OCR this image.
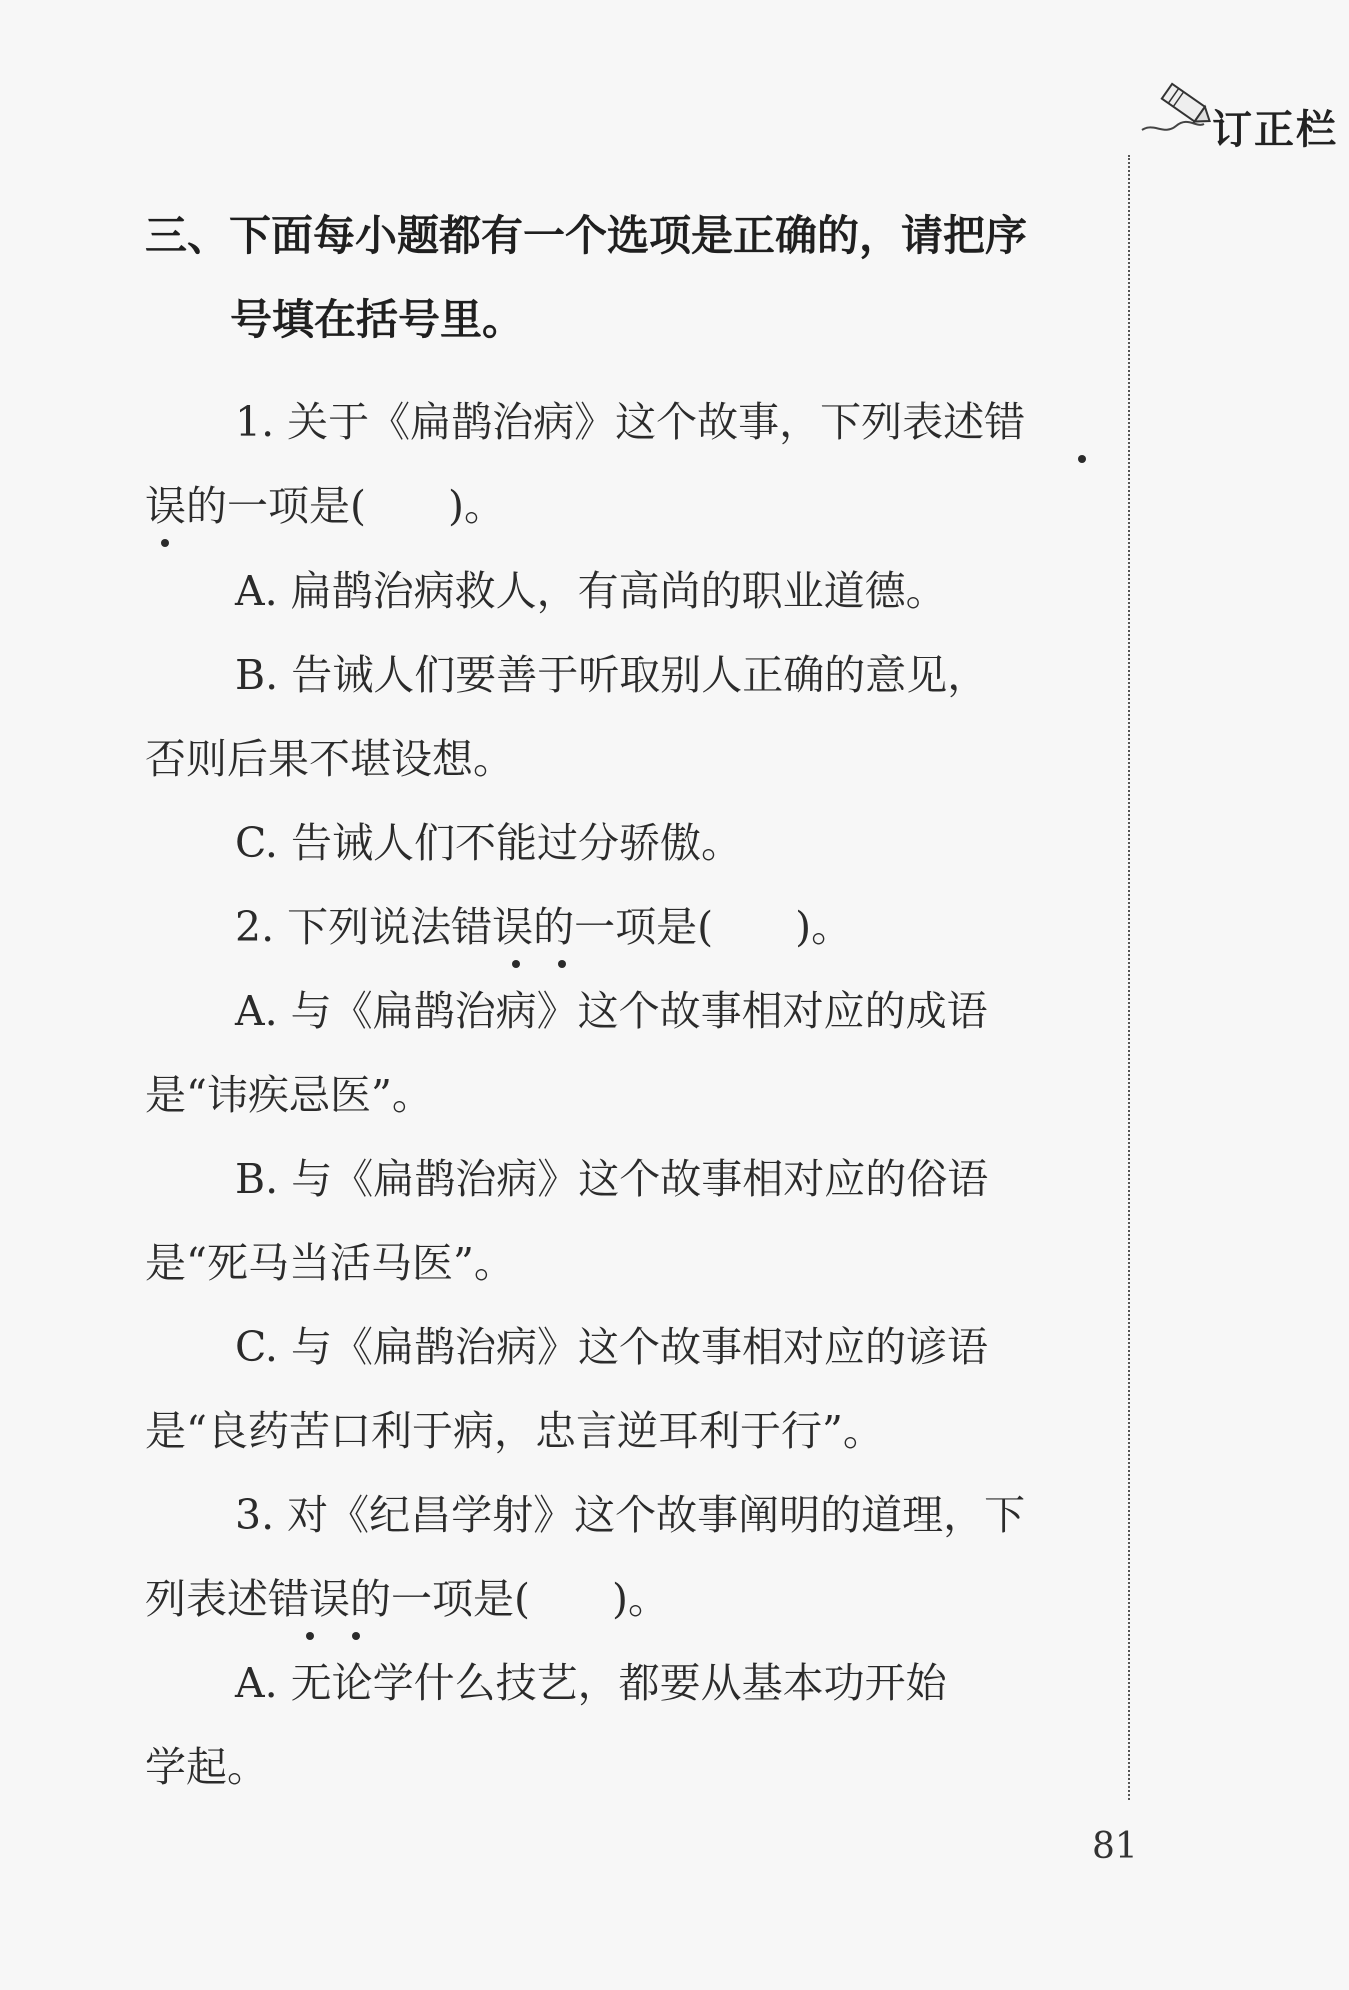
订正栏
三、下面每小题都有一个选项是正确的，请把序
号填在括号里。
1. 关于《扁鹊治病》这个故事，下列表述错
误的一项是(　　)。
A. 扁鹊治病救人，有高尚的职业道德。
B. 告诫人们要善于听取别人正确的意见，
否则后果不堪设想。
C. 告诫人们不能过分骄傲。
2. 下列说法错误的一项是(　　)。
A. 与《扁鹊治病》这个故事相对应的成语
是“讳疾忌医”。
B. 与《扁鹊治病》这个故事相对应的俗语
是“死马当活马医”。
C. 与《扁鹊治病》这个故事相对应的谚语
是“良药苦口利于病，忠言逆耳利于行”。
3. 对《纪昌学射》这个故事阐明的道理，下
列表述错误的一项是(　　)。
A. 无论学什么技艺，都要从基本功开始
学起。
81
